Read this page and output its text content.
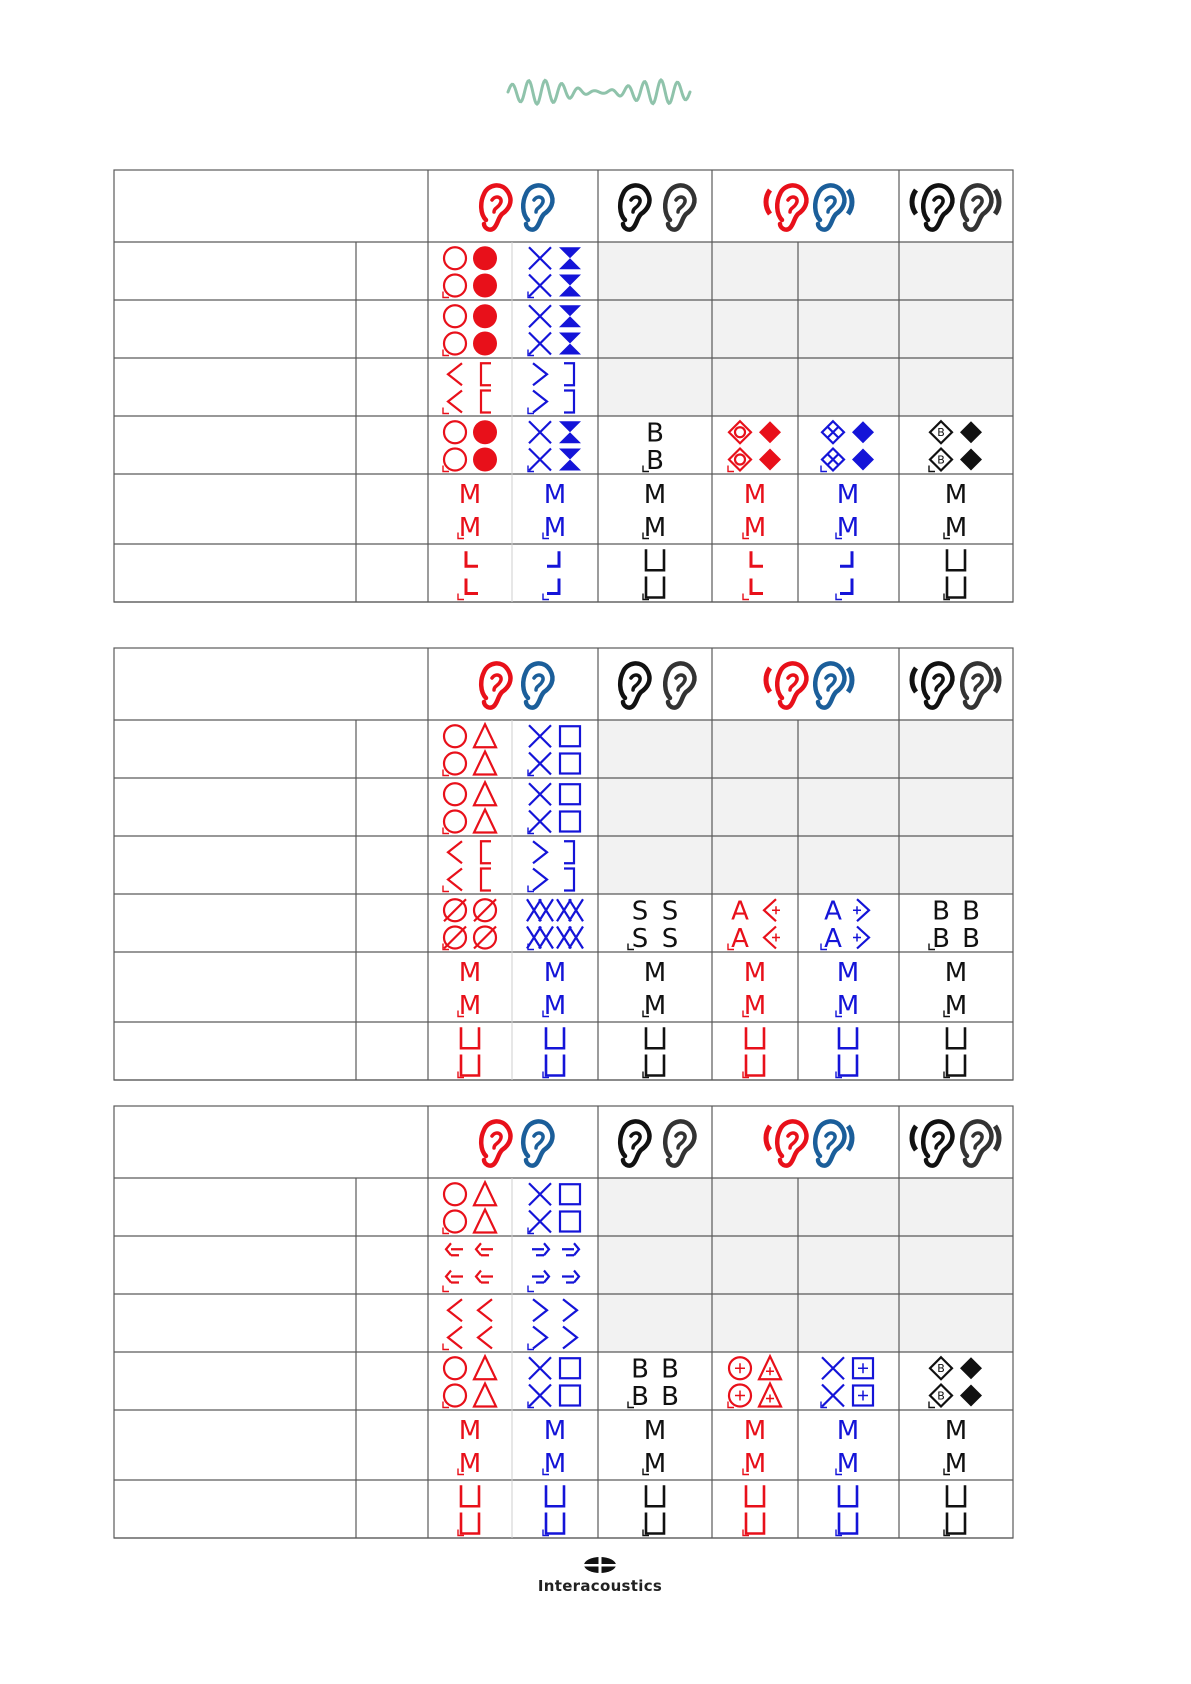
B
B
B
B
M
M
M
M
M
M
M
M
M
M
M
M
S S
S S
A
A
A
A
B B
B B
M
M
M
M
M
M
M
M
M
M
M
M
B B
B B
B
B
M
M
M
M
M
M
M
M
M
M
M
M
Interacoustics
